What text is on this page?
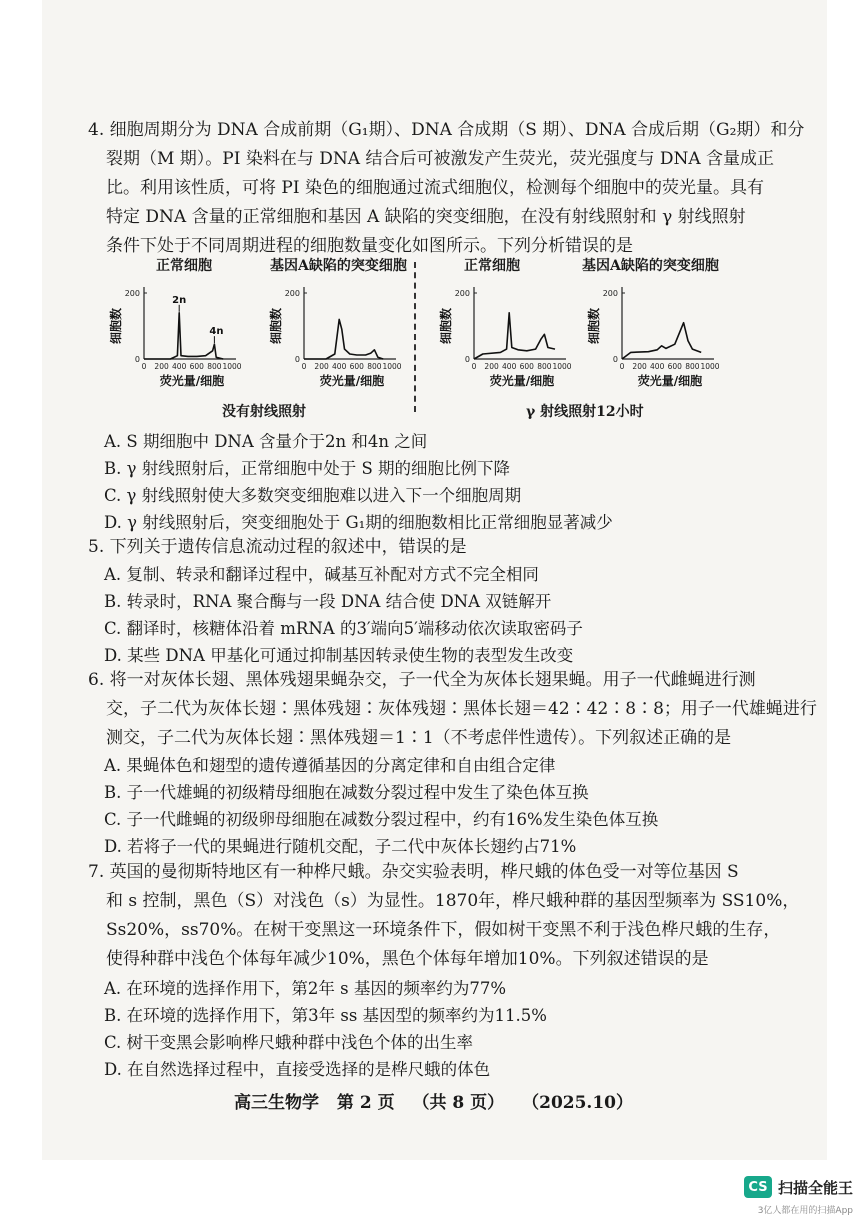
4. 细胞周期分为 DNA 合成前期（G₁期）、DNA 合成期（S 期）、DNA 合成后期（G₂期）和分
裂期（M 期）。PI 染料在与 DNA 结合后可被激发产生荧光，荧光强度与 DNA 含量成正
比。利用该性质，可将 PI 染色的细胞通过流式细胞仪，检测每个细胞中的荧光量。具有
特定 DNA 含量的正常细胞和基因 A 缺陷的突变细胞，在没有射线照射和 γ 射线照射
条件下处于不同周期进程的细胞数量变化如图所示。下列分析错误的是
正常细胞
0 200 400 600 800 1000
0
200
荧光量/细胞
细胞数
2n
4n
基因A缺陷的突变细胞
0 200 400 600 800 1000
0
200
荧光量/细胞
细胞数
正常细胞
0 200 400 600 800 1000
0
200
荧光量/细胞
细胞数
基因A缺陷的突变细胞
0 200 400 600 800 1000
0
200
荧光量/细胞
细胞数
没有射线照射	γ 射线照射12小时
A. S 期细胞中 DNA 含量介于2n 和4n 之间
B. γ 射线照射后，正常细胞中处于 S 期的细胞比例下降
C. γ 射线照射使大多数突变细胞难以进入下一个细胞周期
D. γ 射线照射后，突变细胞处于 G₁期的细胞数相比正常细胞显著减少
5. 下列关于遗传信息流动过程的叙述中，错误的是
A. 复制、转录和翻译过程中，碱基互补配对方式不完全相同
B. 转录时，RNA 聚合酶与一段 DNA 结合使 DNA 双链解开
C. 翻译时，核糖体沿着 mRNA 的3′端向5′端移动依次读取密码子
D. 某些 DNA 甲基化可通过抑制基因转录使生物的表型发生改变
6. 将一对灰体长翅、黑体残翅果蝇杂交，子一代全为灰体长翅果蝇。用子一代雌蝇进行测
交，子二代为灰体长翅∶黑体残翅∶灰体残翅∶黑体长翅＝42∶42∶8∶8；用子一代雄蝇进行
测交，子二代为灰体长翅∶黑体残翅＝1∶1（不考虑伴性遗传）。下列叙述正确的是
A. 果蝇体色和翅型的遗传遵循基因的分离定律和自由组合定律
B. 子一代雄蝇的初级精母细胞在减数分裂过程中发生了染色体互换
C. 子一代雌蝇的初级卵母细胞在减数分裂过程中，约有16%发生染色体互换
D. 若将子一代的果蝇进行随机交配，子二代中灰体长翅约占71%
7. 英国的曼彻斯特地区有一种桦尺蛾。杂交实验表明，桦尺蛾的体色受一对等位基因 S
和 s 控制，黑色（S）对浅色（s）为显性。1870年，桦尺蛾种群的基因型频率为 SS10%，
Ss20%，ss70%。在树干变黑这一环境条件下，假如树干变黑不利于浅色桦尺蛾的生存，
使得种群中浅色个体每年减少10%，黑色个体每年增加10%。下列叙述错误的是
A. 在环境的选择作用下，第2年 s 基因的频率约为77%
B. 在环境的选择作用下，第3年 ss 基因型的频率约为11.5%
C. 树干变黑会影响桦尺蛾种群中浅色个体的出生率
D. 在自然选择过程中，直接受选择的是桦尺蛾的体色
高三生物学 第 2 页 （共 8 页） （2025.10）
CS 扫描全能王
3亿人都在用的扫描App
